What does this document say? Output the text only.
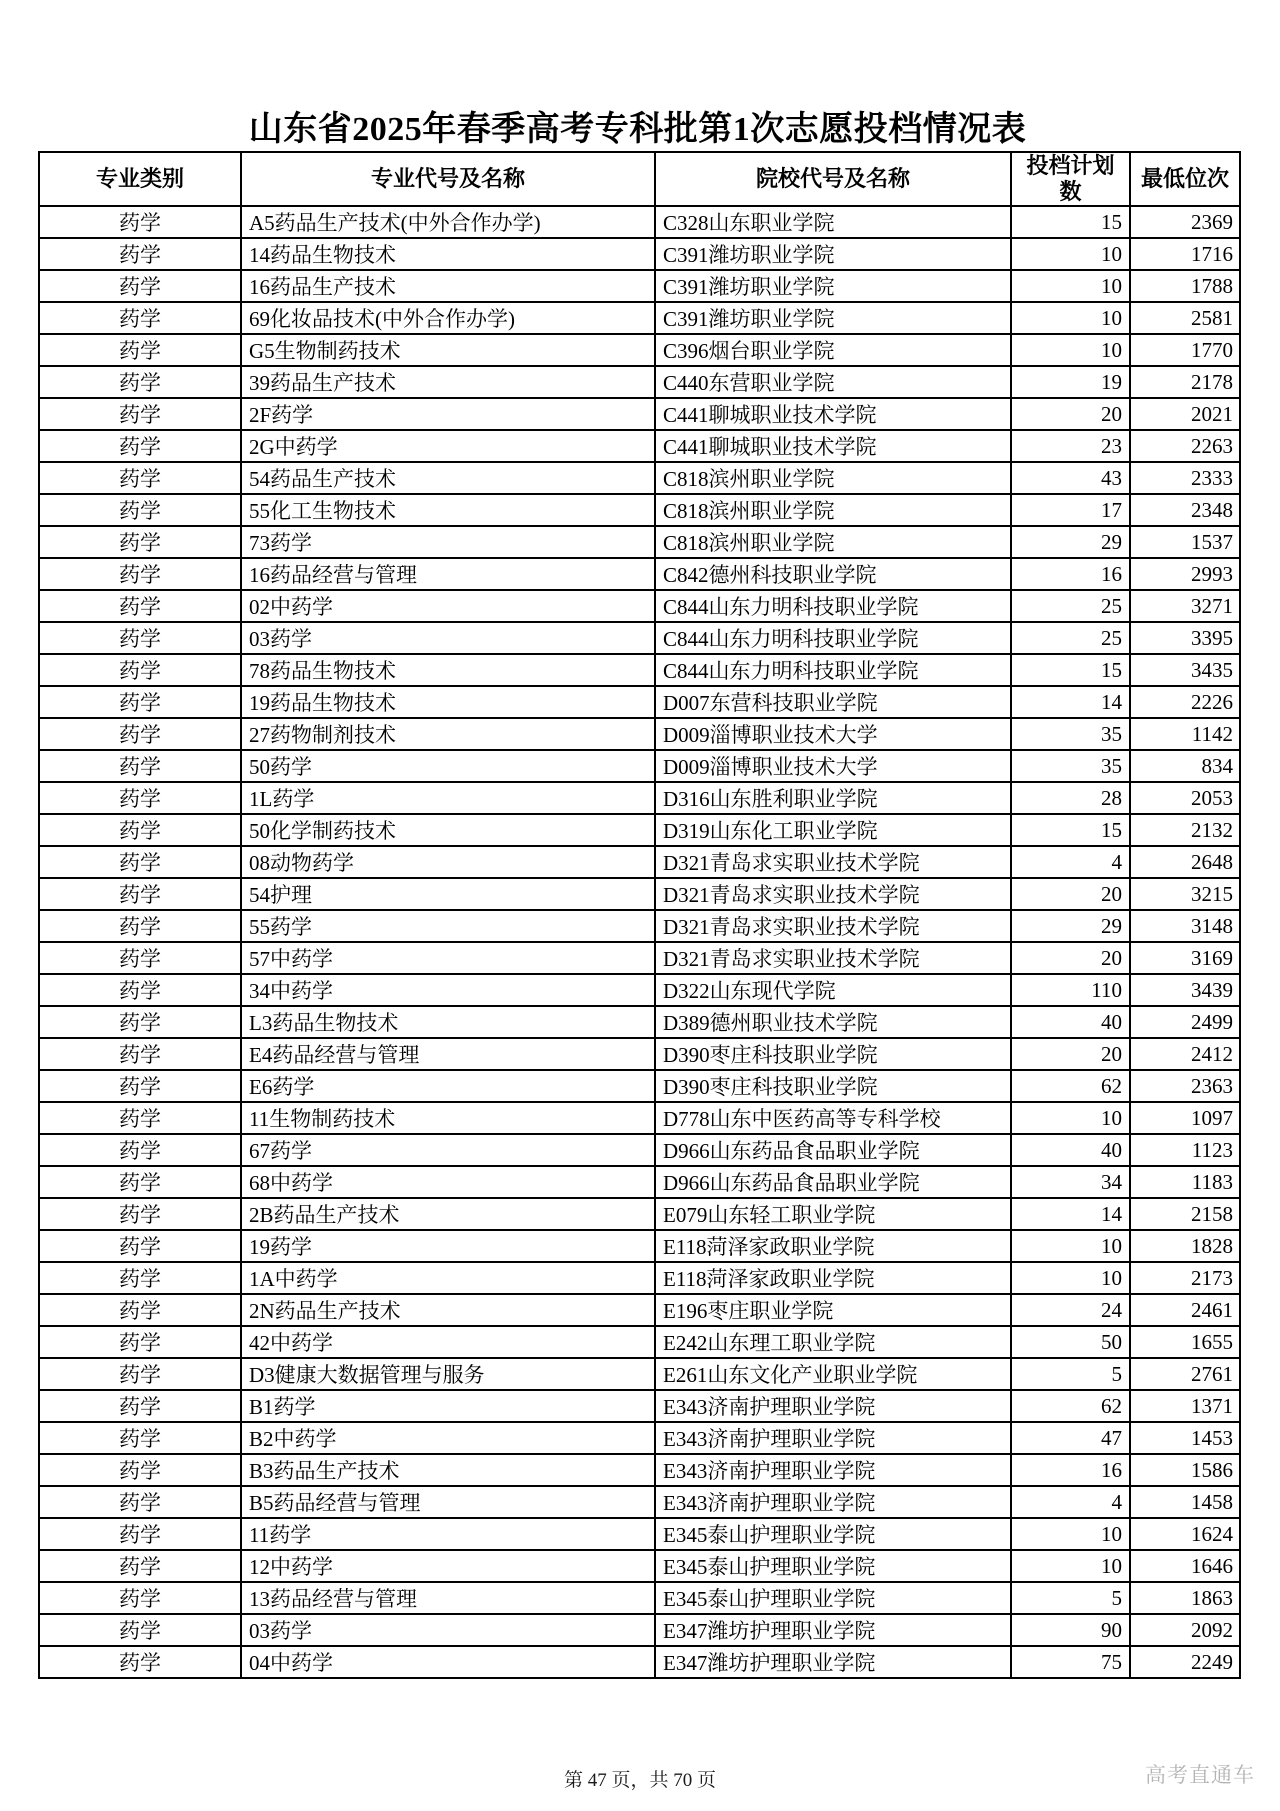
山东省2025年春季高考专科批第1次志愿投档情况表
专业类别	专业代号及名称	院校代号及名称	投档计划数	最低位次
药学	A5药品生产技术(中外合作办学)	C328山东职业学院	15	2369
药学	14药品生物技术	C391潍坊职业学院	10	1716
药学	16药品生产技术	C391潍坊职业学院	10	1788
药学	69化妆品技术(中外合作办学)	C391潍坊职业学院	10	2581
药学	G5生物制药技术	C396烟台职业学院	10	1770
药学	39药品生产技术	C440东营职业学院	19	2178
药学	2F药学	C441聊城职业技术学院	20	2021
药学	2G中药学	C441聊城职业技术学院	23	2263
药学	54药品生产技术	C818滨州职业学院	43	2333
药学	55化工生物技术	C818滨州职业学院	17	2348
药学	73药学	C818滨州职业学院	29	1537
药学	16药品经营与管理	C842德州科技职业学院	16	2993
药学	02中药学	C844山东力明科技职业学院	25	3271
药学	03药学	C844山东力明科技职业学院	25	3395
药学	78药品生物技术	C844山东力明科技职业学院	15	3435
药学	19药品生物技术	D007东营科技职业学院	14	2226
药学	27药物制剂技术	D009淄博职业技术大学	35	1142
药学	50药学	D009淄博职业技术大学	35	834
药学	1L药学	D316山东胜利职业学院	28	2053
药学	50化学制药技术	D319山东化工职业学院	15	2132
药学	08动物药学	D321青岛求实职业技术学院	4	2648
药学	54护理	D321青岛求实职业技术学院	20	3215
药学	55药学	D321青岛求实职业技术学院	29	3148
药学	57中药学	D321青岛求实职业技术学院	20	3169
药学	34中药学	D322山东现代学院	110	3439
药学	L3药品生物技术	D389德州职业技术学院	40	2499
药学	E4药品经营与管理	D390枣庄科技职业学院	20	2412
药学	E6药学	D390枣庄科技职业学院	62	2363
药学	11生物制药技术	D778山东中医药高等专科学校	10	1097
药学	67药学	D966山东药品食品职业学院	40	1123
药学	68中药学	D966山东药品食品职业学院	34	1183
药学	2B药品生产技术	E079山东轻工职业学院	14	2158
药学	19药学	E118菏泽家政职业学院	10	1828
药学	1A中药学	E118菏泽家政职业学院	10	2173
药学	2N药品生产技术	E196枣庄职业学院	24	2461
药学	42中药学	E242山东理工职业学院	50	1655
药学	D3健康大数据管理与服务	E261山东文化产业职业学院	5	2761
药学	B1药学	E343济南护理职业学院	62	1371
药学	B2中药学	E343济南护理职业学院	47	1453
药学	B3药品生产技术	E343济南护理职业学院	16	1586
药学	B5药品经营与管理	E343济南护理职业学院	4	1458
药学	11药学	E345泰山护理职业学院	10	1624
药学	12中药学	E345泰山护理职业学院	10	1646
药学	13药品经营与管理	E345泰山护理职业学院	5	1863
药学	03药学	E347潍坊护理职业学院	90	2092
药学	04中药学	E347潍坊护理职业学院	75	2249
第 47 页，共 70 页	高考直通车
